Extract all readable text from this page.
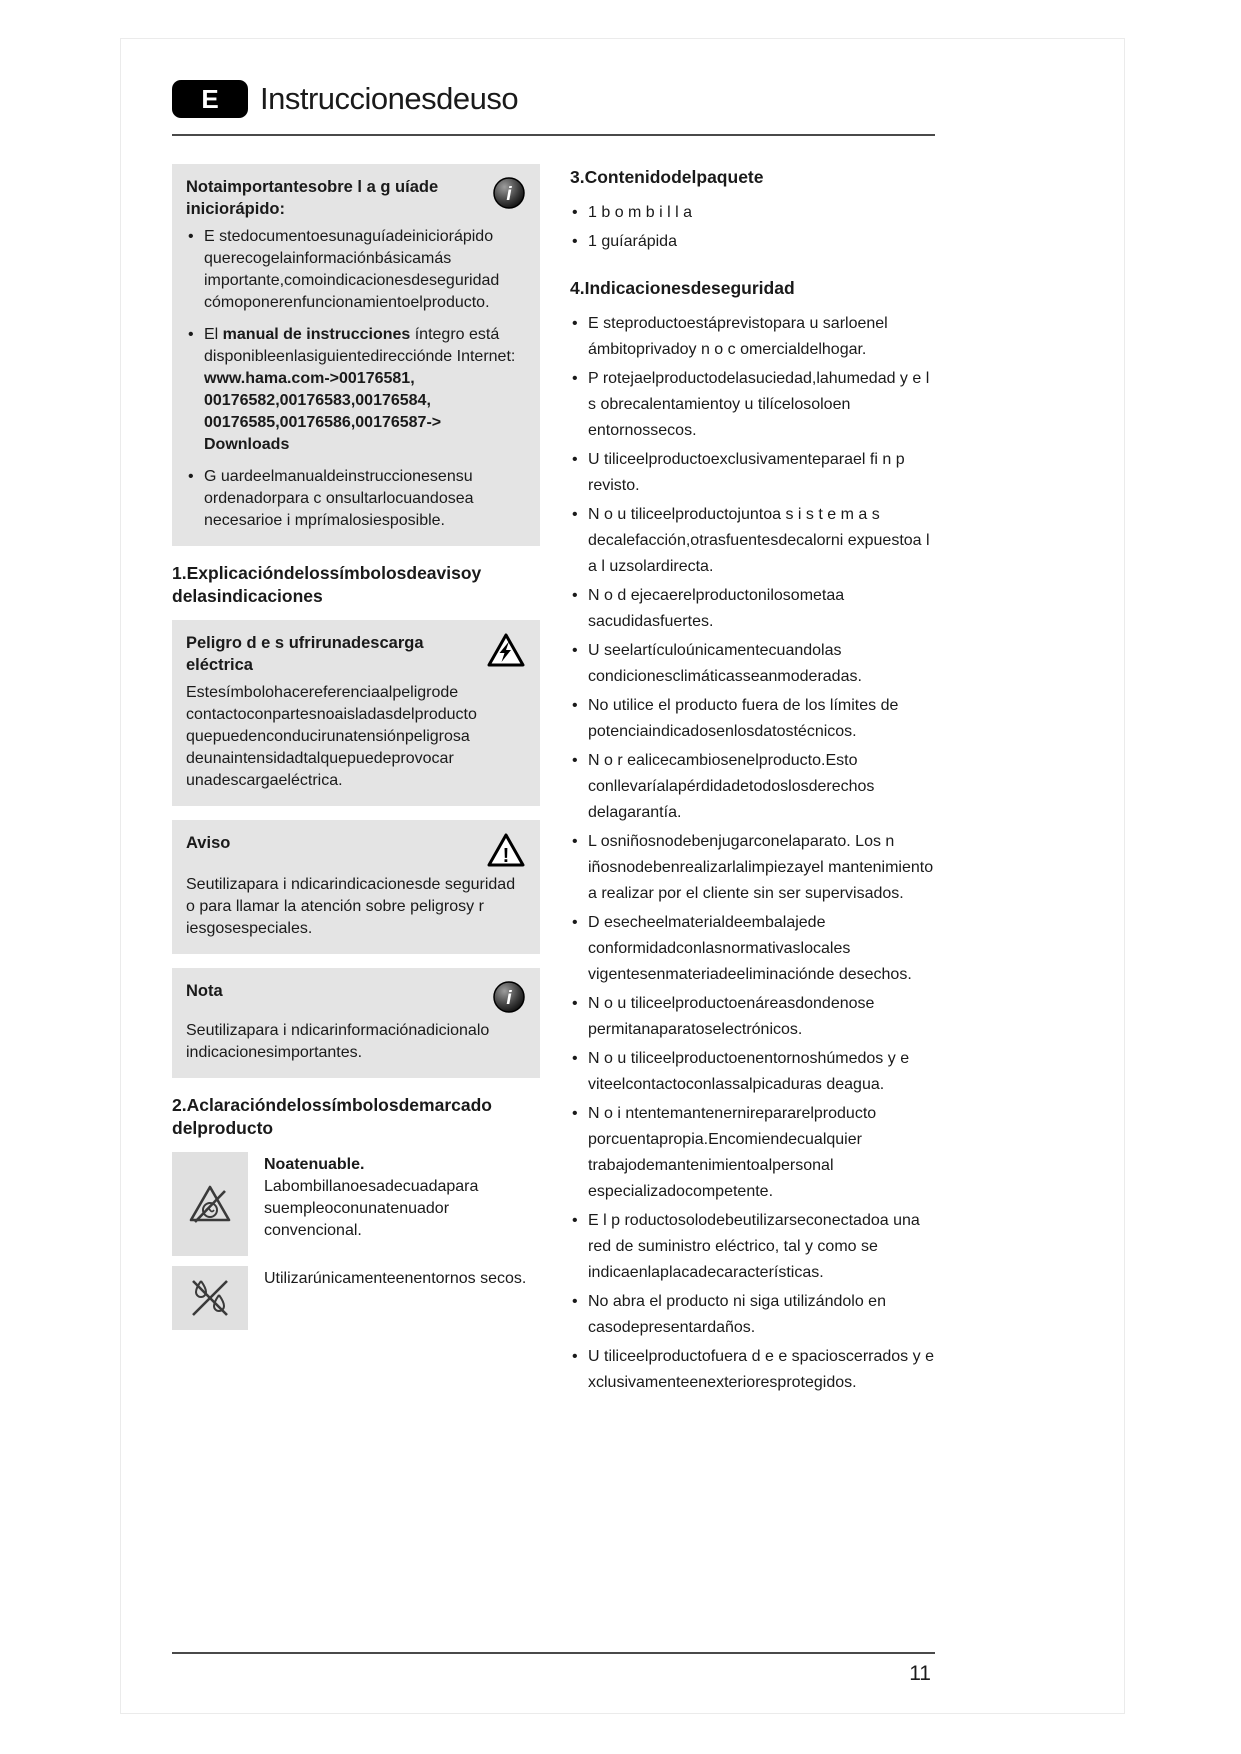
E Instruccionesdeuso
Notaimportantesobre l a g uíade iniciorápido:
i
• E stedocumentoesunaguíadeiniciorápido querecogelainformaciónbásicamás importante,comoindicacionesdeseguridad cómoponerenfuncionamientoelproducto.
• El manual de instrucciones íntegro está disponibleenlasiguientedirecciónde Internet:
www.hama.com->00176581, 00176582,00176583,00176584, 00176585,00176586,00176587-> Downloads
• G uardeelmanualdeinstruccionesensu ordenadorpara c onsultarlocuandosea necesarioe i mprímalosiesposible.
1.Explicacióndelossímbolosdeavisoy delasindicaciones
Peligro d e s ufrirunadescarga eléctrica

Estesímbolohacereferenciaalpeligrode contactoconpartesnoaisladasdelproducto quepuedenconducirunatensiónpeligrosa deunaintensidadtalquepuedeprovocar unadescargaeléctrica.

Aviso
!

Seutilizapara i ndicarindicacionesde seguridad o para llamar la atención sobre peligrosy r iesgosespeciales.

Nota	i

Seutilizapara i ndicarinformaciónadicionalo indicacionesimportantes.

2.Aclaracióndelossímbolosdemarcado delproducto

Noatenuable.

Labombillanoesadecuadapara suempleoconunatenuador convencional.

Utilizarúnicamenteenentornos secos.

3.Contenidodelpaquete
• 1 b o m b i l l a
• 1 guíarápida
4.Indicacionesdeseguridad
• E steproductoestáprevistopara u sarloenel ámbitoprivadoy n o c omercialdelhogar.
• P rotejaelproductodelasuciedad,lahumedad y e l s obrecalentamientoy u tilícelosoloen entornossecos.
• U tiliceelproductoexclusivamenteparael fi n p revisto.
• N o u tiliceelproductojuntoa s i s t e m a s decalefacción,otrasfuentesdecalorni expuestoa l a l uzsolardirecta.
• N o d ejecaerelproductonilosometaa sacudidasfuertes.
• U seelartículoúnicamentecuandolas condicionesclimáticasseanmoderadas.
• No utilice el producto fuera de los límites de potenciaindicadosenlosdatostécnicos.
• N o r ealicecambiosenelproducto.Esto conllevaríalapérdidadetodoslosderechos delagarantía.
• L osniñosnodebenjugarconelaparato. Los n iñosnodebenrealizarlalimpiezayel mantenimiento a realizar por el cliente sin ser supervisados.
• D esecheelmaterialdeembalajede conformidadconlasnormativaslocales vigentesenmateriadeeliminaciónde desechos.
• N o u tiliceelproductoenáreasdondenose permitanaparatoselectrónicos.
• N o u tiliceelproductoenentornoshúmedos y e viteelcontactoconlassalpicaduras deagua.
• N o i ntentemantenernirepararelproducto porcuentapropia.Encomiendecualquier trabajodemantenimientoalpersonal especializadocompetente.
• E l p roductosolodebeutilizarseconectadoa una red de suministro eléctrico, tal y como se indicaenlaplacadecaracterísticas.
• No abra el producto ni siga utilizándolo en casodepresentardaños.
• U tiliceelproductofuera d e e spacioscerrados y e xclusivamenteenexterioresprotegidos.
11
